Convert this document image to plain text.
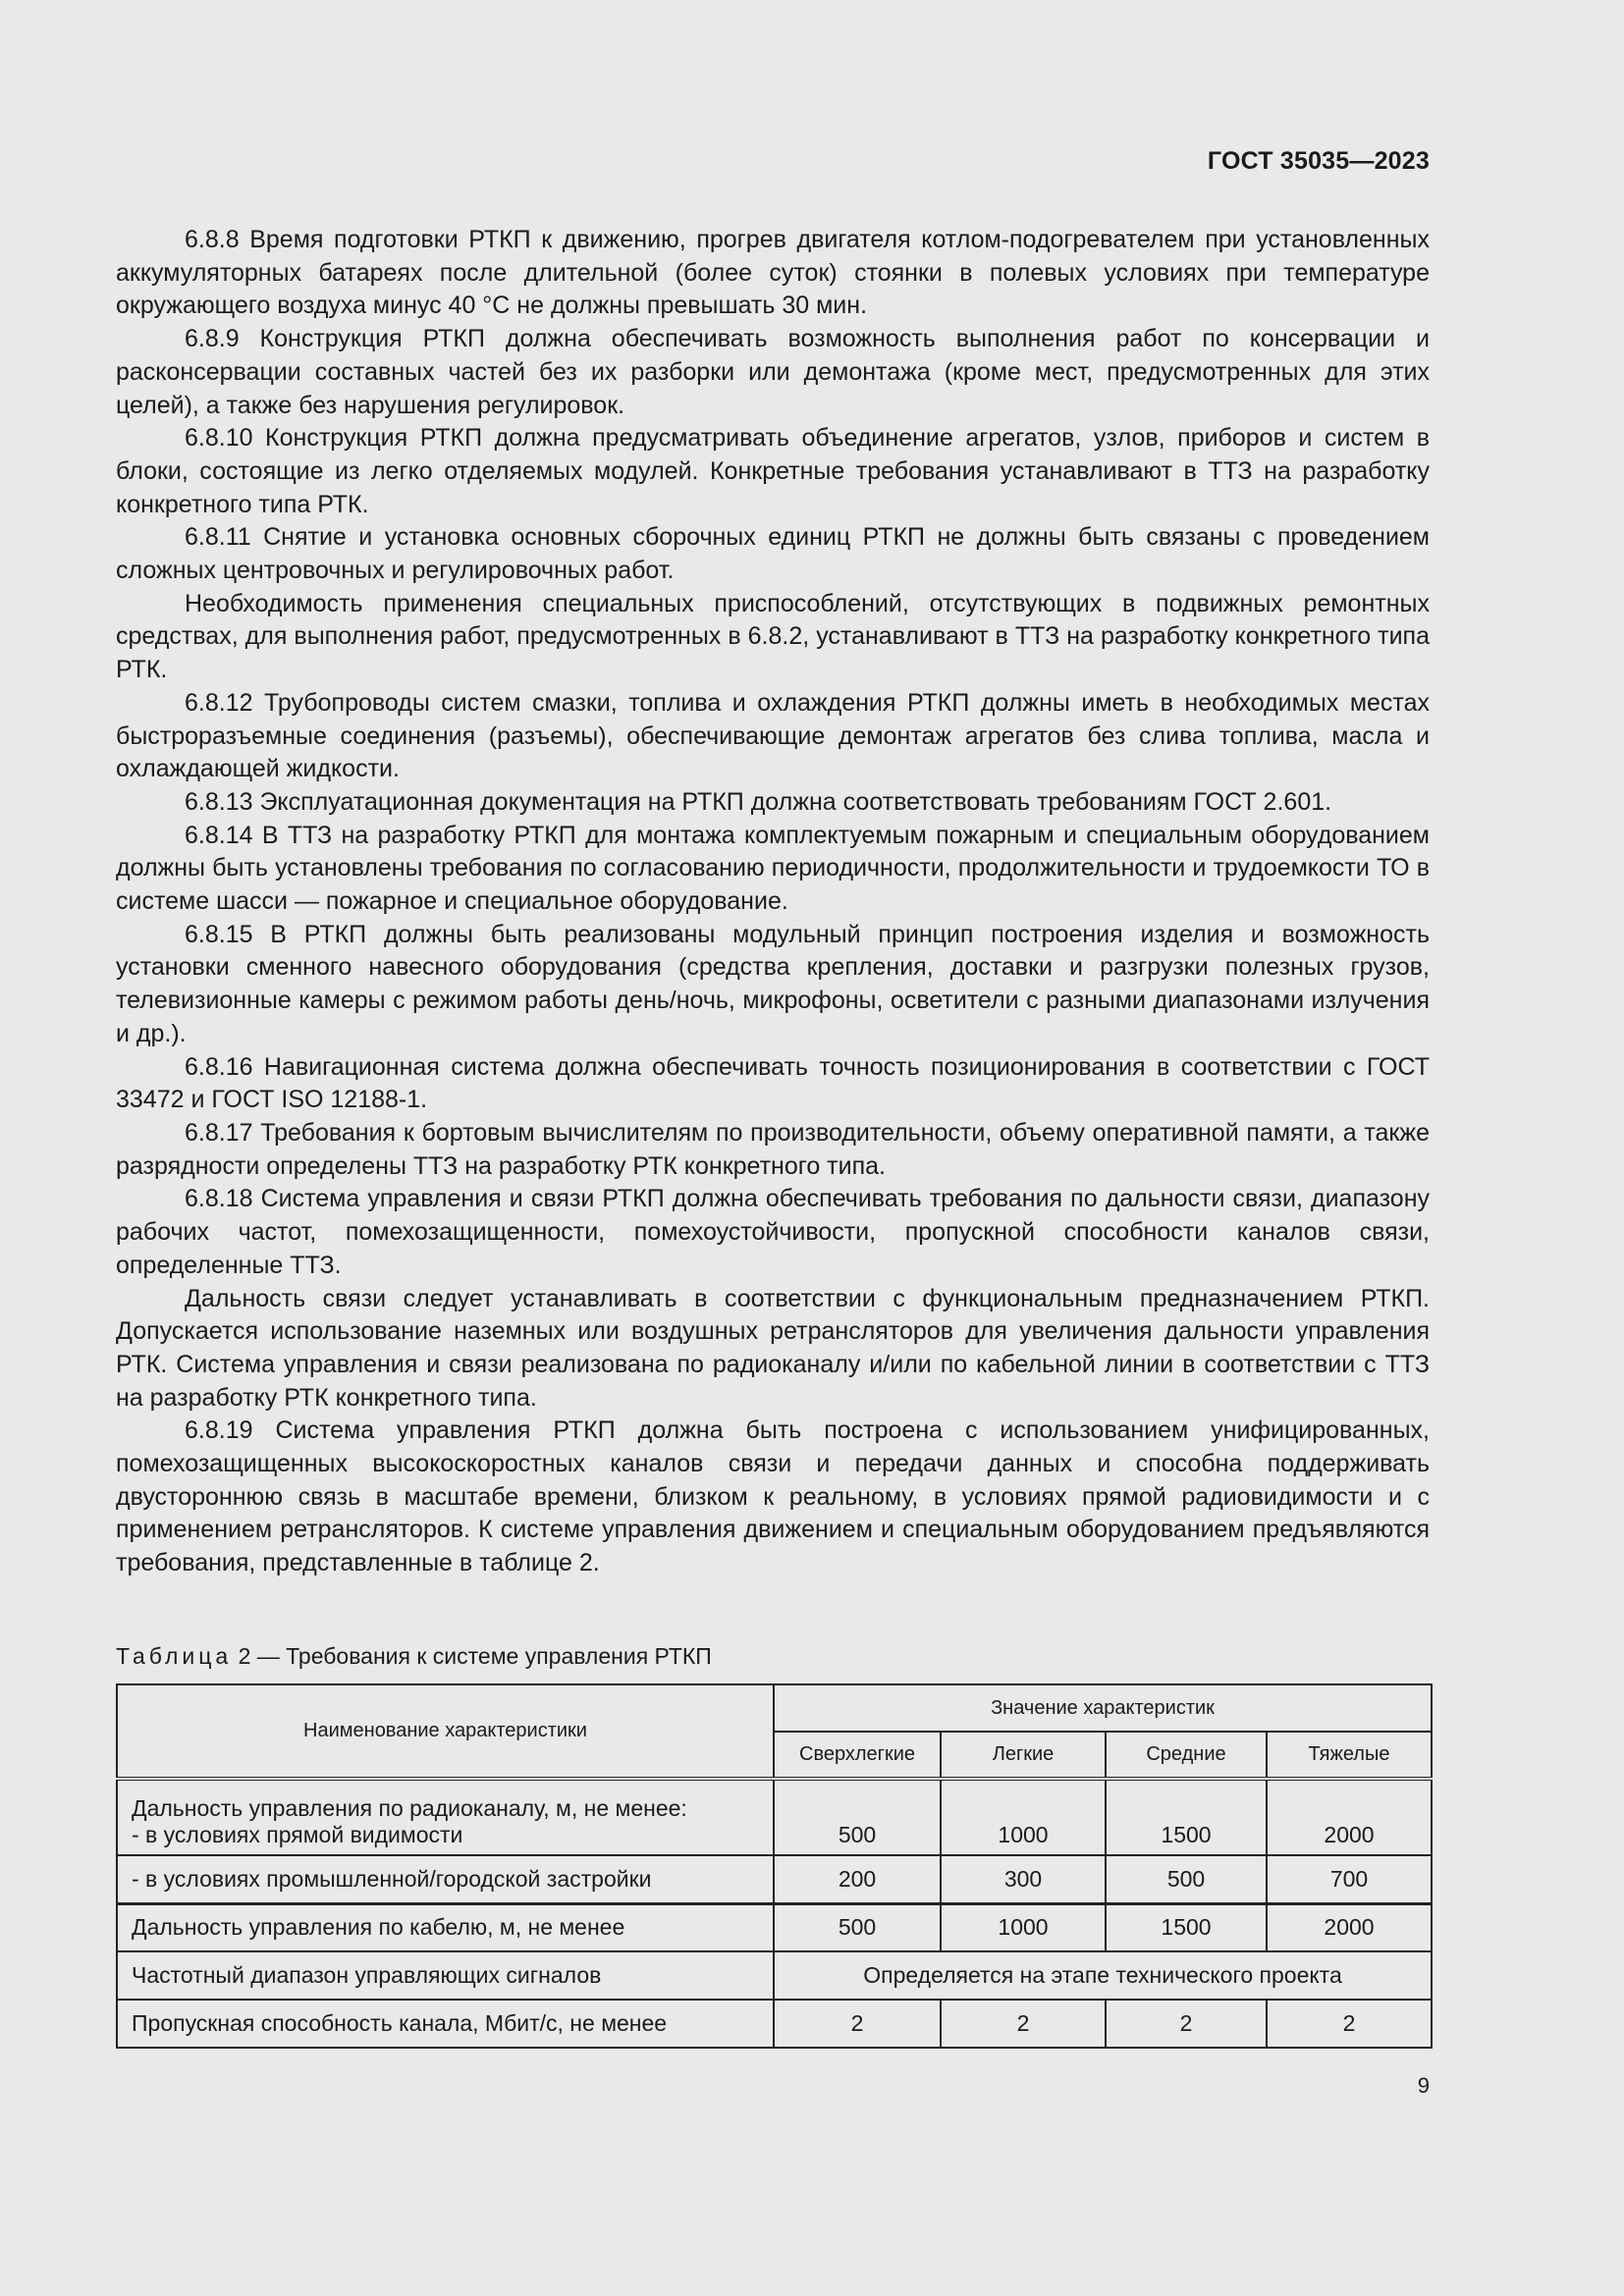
ГОСТ 35035—2023

6.8.8 Время подготовки РТКП к движению, прогрев двигателя котлом-подогревателем при установленных аккумуляторных батареях после длительной (более суток) стоянки в полевых условиях при температуре окружающего воздуха минус 40 °С не должны превышать 30 мин.

6.8.9 Конструкция РТКП должна обеспечивать возможность выполнения работ по консервации и расконсервации составных частей без их разборки или демонтажа (кроме мест, предусмотренных для этих целей), а также без нарушения регулировок.

6.8.10 Конструкция РТКП должна предусматривать объединение агрегатов, узлов, приборов и систем в блоки, состоящие из легко отделяемых модулей. Конкретные требования устанавливают в ТТЗ на разработку конкретного типа РТК.

6.8.11 Снятие и установка основных сборочных единиц РТКП не должны быть связаны с проведением сложных центровочных и регулировочных работ.

Необходимость применения специальных приспособлений, отсутствующих в подвижных ремонтных средствах, для выполнения работ, предусмотренных в 6.8.2, устанавливают в ТТЗ на разработку конкретного типа РТК.

6.8.12 Трубопроводы систем смазки, топлива и охлаждения РТКП должны иметь в необходимых местах быстроразъемные соединения (разъемы), обеспечивающие демонтаж агрегатов без слива топлива, масла и охлаждающей жидкости.

6.8.13 Эксплуатационная документация на РТКП должна соответствовать требованиям ГОСТ 2.601.

6.8.14 В ТТЗ на разработку РТКП для монтажа комплектуемым пожарным и специальным оборудованием должны быть установлены требования по согласованию периодичности, продолжительности и трудоемкости ТО в системе шасси — пожарное и специальное оборудование.

6.8.15 В РТКП должны быть реализованы модульный принцип построения изделия и возможность установки сменного навесного оборудования (средства крепления, доставки и разгрузки полезных грузов, телевизионные камеры с режимом работы день/ночь, микрофоны, осветители с разными диапазонами излучения и др.).

6.8.16 Навигационная система должна обеспечивать точность позиционирования в соответствии с ГОСТ 33472 и ГОСТ ISO 12188-1.

6.8.17 Требования к бортовым вычислителям по производительности, объему оперативной памяти, а также разрядности определены ТТЗ на разработку РТК конкретного типа.

6.8.18 Система управления и связи РТКП должна обеспечивать требования по дальности связи, диапазону рабочих частот, помехозащищенности, помехоустойчивости, пропускной способности каналов связи, определенные ТТЗ.

Дальность связи следует устанавливать в соответствии с функциональным предназначением РТКП. Допускается использование наземных или воздушных ретрансляторов для увеличения дальности управления РТК. Система управления и связи реализована по радиоканалу и/или по кабельной линии в соответствии с ТТЗ на разработку РТК конкретного типа.

6.8.19 Система управления РТКП должна быть построена с использованием унифицированных, помехозащищенных высокоскоростных каналов связи и передачи данных и способна поддерживать двустороннюю связь в масштабе времени, близком к реальному, в условиях прямой радиовидимости и с применением ретрансляторов. К системе управления движением и специальным оборудованием предъявляются требования, представленные в таблице 2.

Таблица 2 — Требования к системе управления РТКП
Наименование характеристики	Значение характеристик			
	Сверхлегкие	Легкие	Средние	Тяжелые

Дальность управления по радиоканалу, м, не менее:
- в условиях прямой видимости	500	1000	1500	2000
- в условиях промышленной/городской застройки	200	300	500	700
Дальность управления по кабелю, м, не менее	500	1000	1500	2000
Частотный диапазон управляющих сигналов	Определяется на этапе технического проекта			
Пропускная способность канала, Мбит/с, не менее	2	2	2	2
9
